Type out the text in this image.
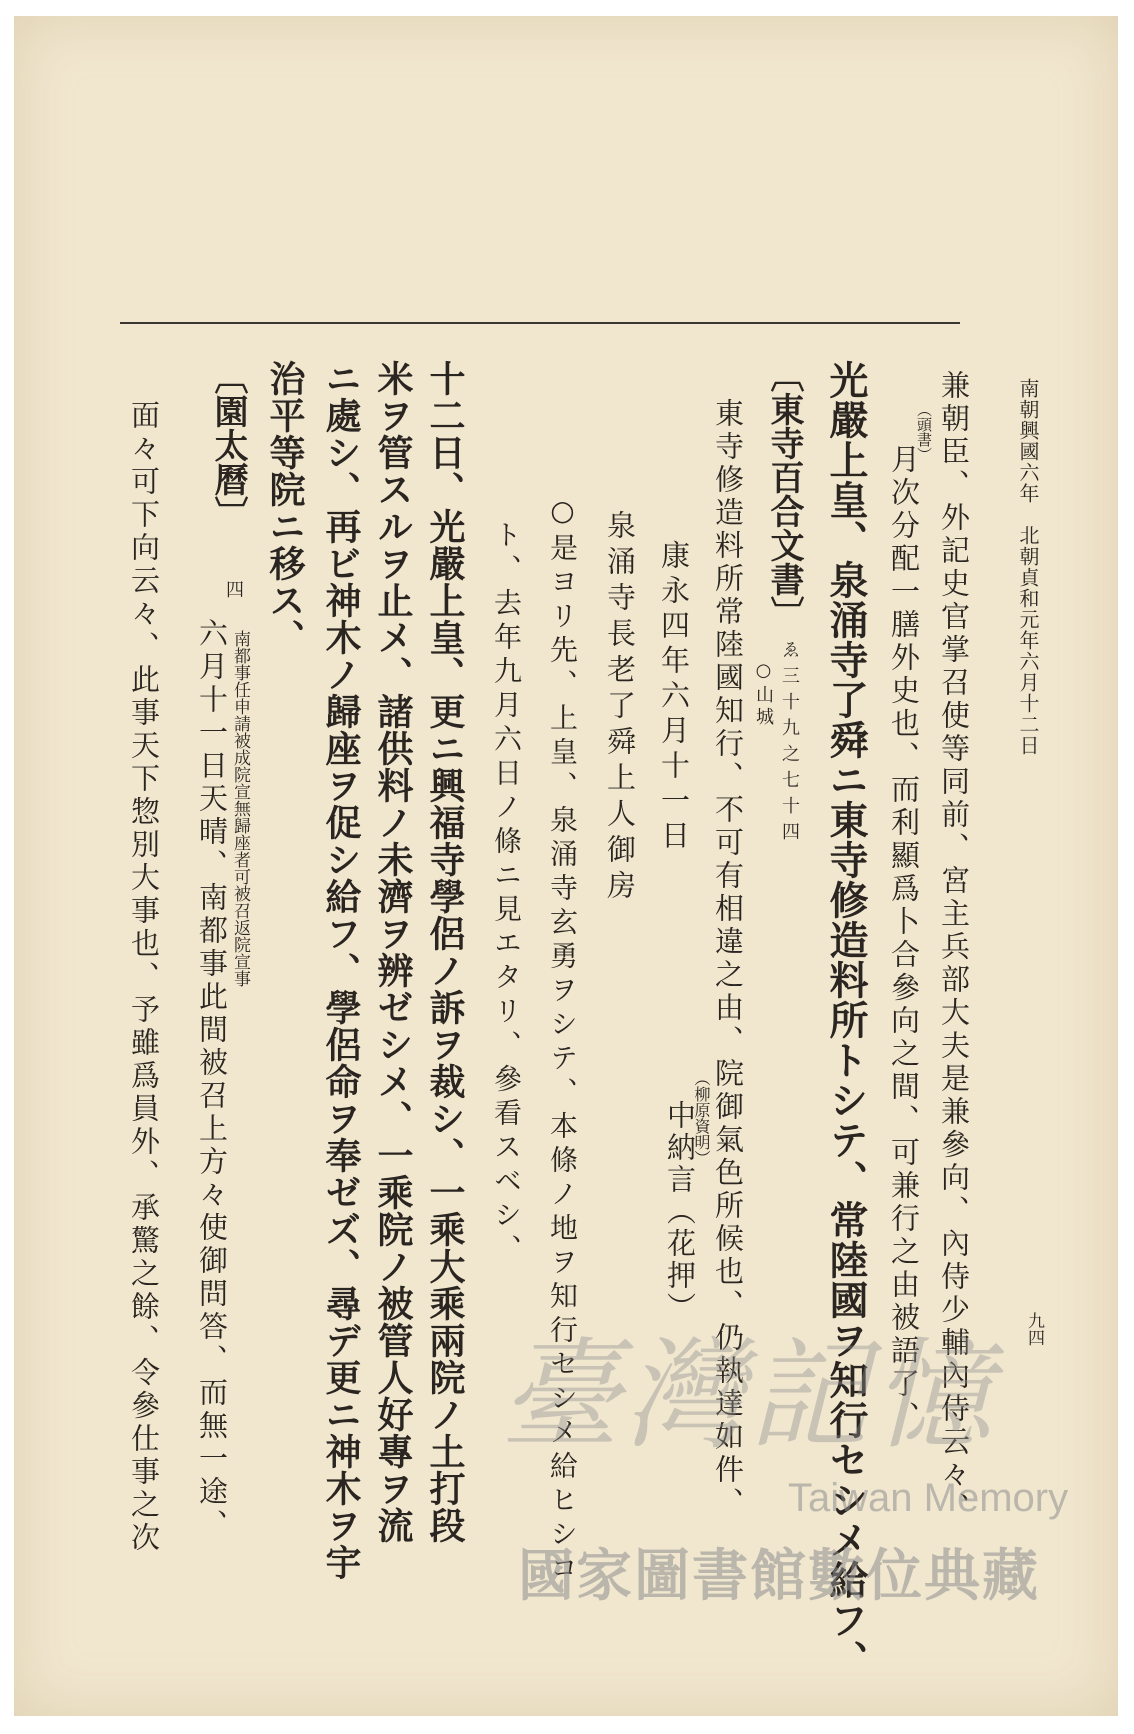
南朝興國六年　北朝貞和元年六月十二日
九四
兼朝臣、外記史官掌召使等同前、宮主兵部大夫是兼參向、內侍少輔內侍云々、
（頭書）
月次分配一膳外史也、而利顯爲卜合參向之間、可兼行之由被語了、
光嚴上皇、泉涌寺了舜ニ東寺修造料所トシテ、常陸國ヲ知行セシメ給フ、
〔東寺百合文書〕
ゑ三十九之七十四
○山城
東寺修造料所常陸國知行、不可有相違之由、院御氣色所候也、仍執達如件、
（柳原資明）
中納言（花押）
康永四年六月十一日
泉涌寺長老了舜上人御房
○是ヨリ先、上皇、泉涌寺玄勇ヲシテ、本條ノ地ヲ知行セシメ給ヒシコ
ト、去年九月六日ノ條ニ見エタリ、參看スベシ、
十二日、光嚴上皇、更ニ興福寺學侶ノ訴ヲ裁シ、一乘大乘兩院ノ土打段
米ヲ管スルヲ止メ、諸供料ノ未濟ヲ辨ゼシメ、一乘院ノ被管人好專ヲ流
ニ處シ、再ビ神木ノ歸座ヲ促シ給フ、學侶命ヲ奉ゼズ、尋デ更ニ神木ヲ宇
治平等院ニ移ス、
〔園太曆〕
四
南都事任申請被成院宣無歸座者可被召返院宣事
六月十一日天晴、南都事此間被召上方々使御問答、而無一途、
面々可下向云々、此事天下惣別大事也、予雖爲員外、承驚之餘、令參仕事之次	臺灣記憶
Taiwan Memory
國家圖書館數位典藏
